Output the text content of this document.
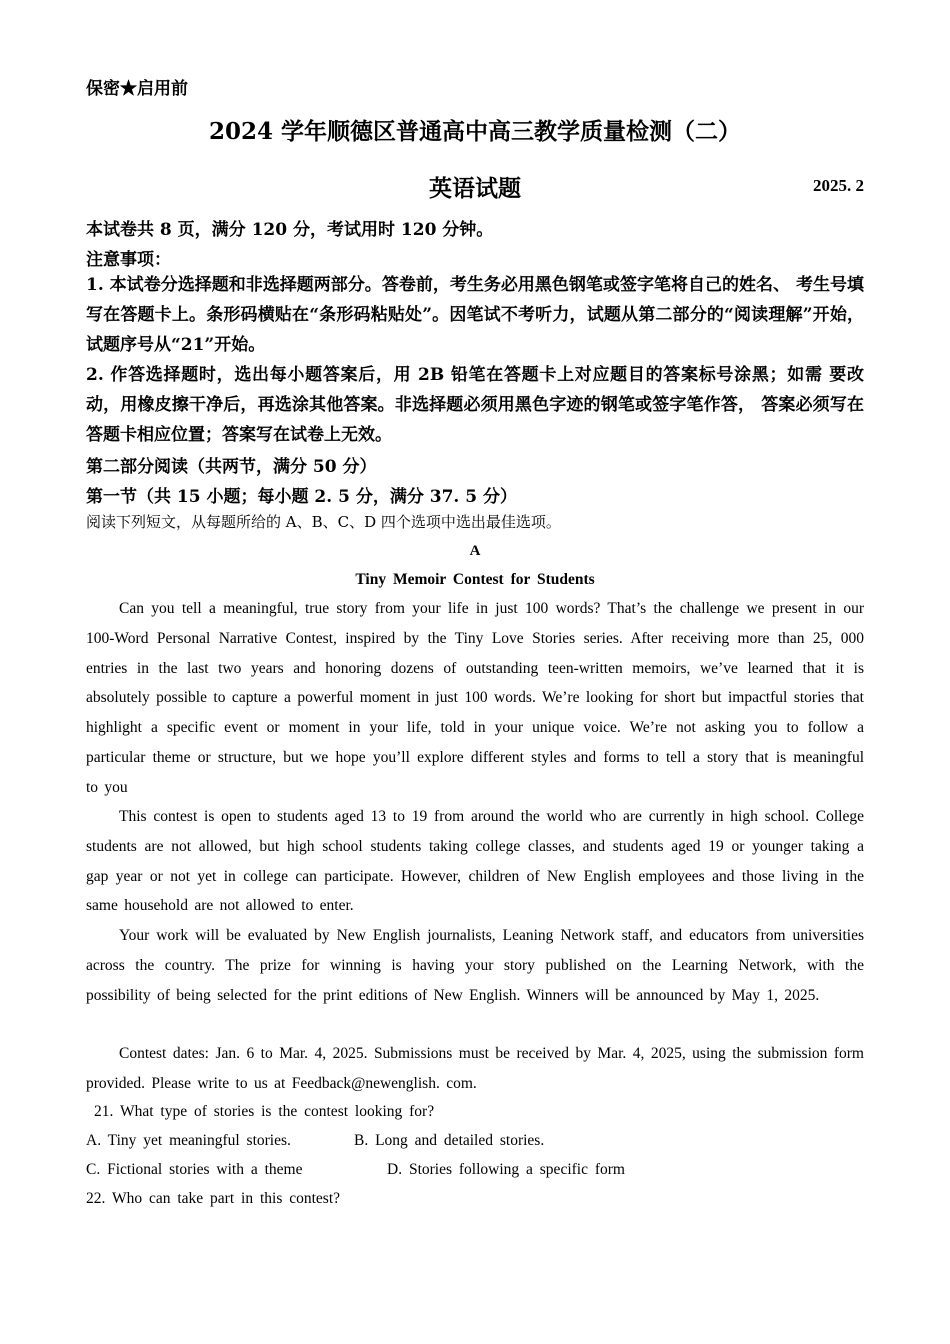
保密★启用前
2024 学年顺德区普通高中高三教学质量检测（二）
英语试题	2025. 2
本试卷共 8 页，满分 120 分，考试用时 120 分钟。
注意事项：
1. 本试卷分选择题和非选择题两部分。答卷前，考生务必用黑色钢笔或签字笔将自己的姓名、 考生号填写在答题卡上。条形码横贴在“条形码粘贴处”。因笔试不考听力，试题从第二部分的“阅读理解”开始，试题序号从“21”开始。
2. 作答选择题时，选出每小题答案后，用 2B 铅笔在答题卡上对应题目的答案标号涂黑；如需 要改动，用橡皮擦干净后，再选涂其他答案。非选择题必须用黑色字迹的钢笔或签字笔作答， 答案必须写在答题卡相应位置；答案写在试卷上无效。
第二部分阅读（共两节，满分 50 分）
第一节（共 15 小题；每小题 2. 5 分，满分 37. 5 分）
阅读下列短文，从每题所给的 A、B、C、D 四个选项中选出最佳选项。
A
Tiny Memoir Contest for Students
Can you tell a meaningful, true story from your life in just 100 words? That’s the challenge we present in our 100-Word Personal Narrative Contest, inspired by the Tiny Love Stories series. After receiving more than 25, 000 entries in the last two years and honoring dozens of outstanding teen-written memoirs, we’ve learned that it is absolutely possible to capture a powerful moment in just 100 words. We’re looking for short but impactful stories that highlight a specific event or moment in your life, told in your unique voice. We’re not asking you to follow a particular theme or structure, but we hope you’ll explore different styles and forms to tell a story that is meaningful to you
This contest is open to students aged 13 to 19 from around the world who are currently in high school. College students are not allowed, but high school students taking college classes, and students aged 19 or younger taking a gap year or not yet in college can participate. However, children of New English employees and those living in the same household are not allowed to enter.
Your work will be evaluated by New English journalists, Leaning Network staff, and educators from universities across the country. The prize for winning is having your story published on the Learning Network, with the possibility of being selected for the print editions of New English. Winners will be announced by May 1, 2025.
Contest dates: Jan. 6 to Mar. 4, 2025. Submissions must be received by Mar. 4, 2025, using the submission form provided. Please write to us at Feedback@newenglish. com.
21. What type of stories is the contest looking for?
A. Tiny yet meaningful stories.	B. Long and detailed stories.
C. Fictional stories with a theme	D. Stories following a specific form
22. Who can take part in this contest?
